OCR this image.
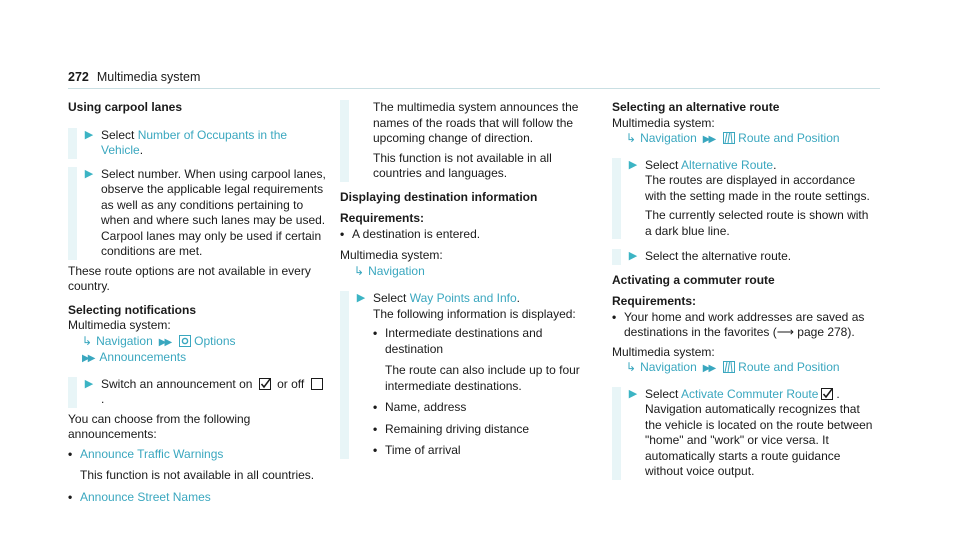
272 Multimedia system

Using carpool lanes

▶ Select Number of Occupants in the Vehicle.
▶ Select number. When using carpool lanes, observe the applicable legal requirements as well as any conditions pertaining to when and where such lanes may be used. Carpool lanes may only be used if certain conditions are met.

These route options are not available in every country.

Selecting notifications

Multimedia system:

↳ Navigation ▶▶ Options

▶▶ Announcements

▶ Switch an announcement on  or off .

You can choose from the following announcements:

• Announce Traffic Warnings

This function is not available in all countries.

• Announce Street Names

The multimedia system announces the names of the roads that will follow the upcoming change of direction.

This function is not available in all countries and languages.

Displaying destination information

Requirements:

• A destination is entered.

Multimedia system:

↳ Navigation

▶ Select Way Points and Info.

The following information is displayed:

• Intermediate destinations and destination

The route can also include up to four intermediate destinations.

• Name, address
• Remaining driving distance
• Time of arrival

Selecting an alternative route

Multimedia system:

↳ Navigation ▶▶ Route and Position

▶ Select Alternative Route.

The routes are displayed in accordance with the setting made in the route settings.

The currently selected route is shown with a dark blue line.

▶ Select the alternative route.

Activating a commuter route

Requirements:

• Your home and work addresses are saved as destinations in the favorites (⟶ page 278).

Multimedia system:

↳ Navigation ▶▶ Route and Position

▶ Select Activate Commuter Route .

Navigation automatically recognizes that the vehicle is located on the route between "home" and "work" or vice versa. It automatically starts a route guidance without voice output.
